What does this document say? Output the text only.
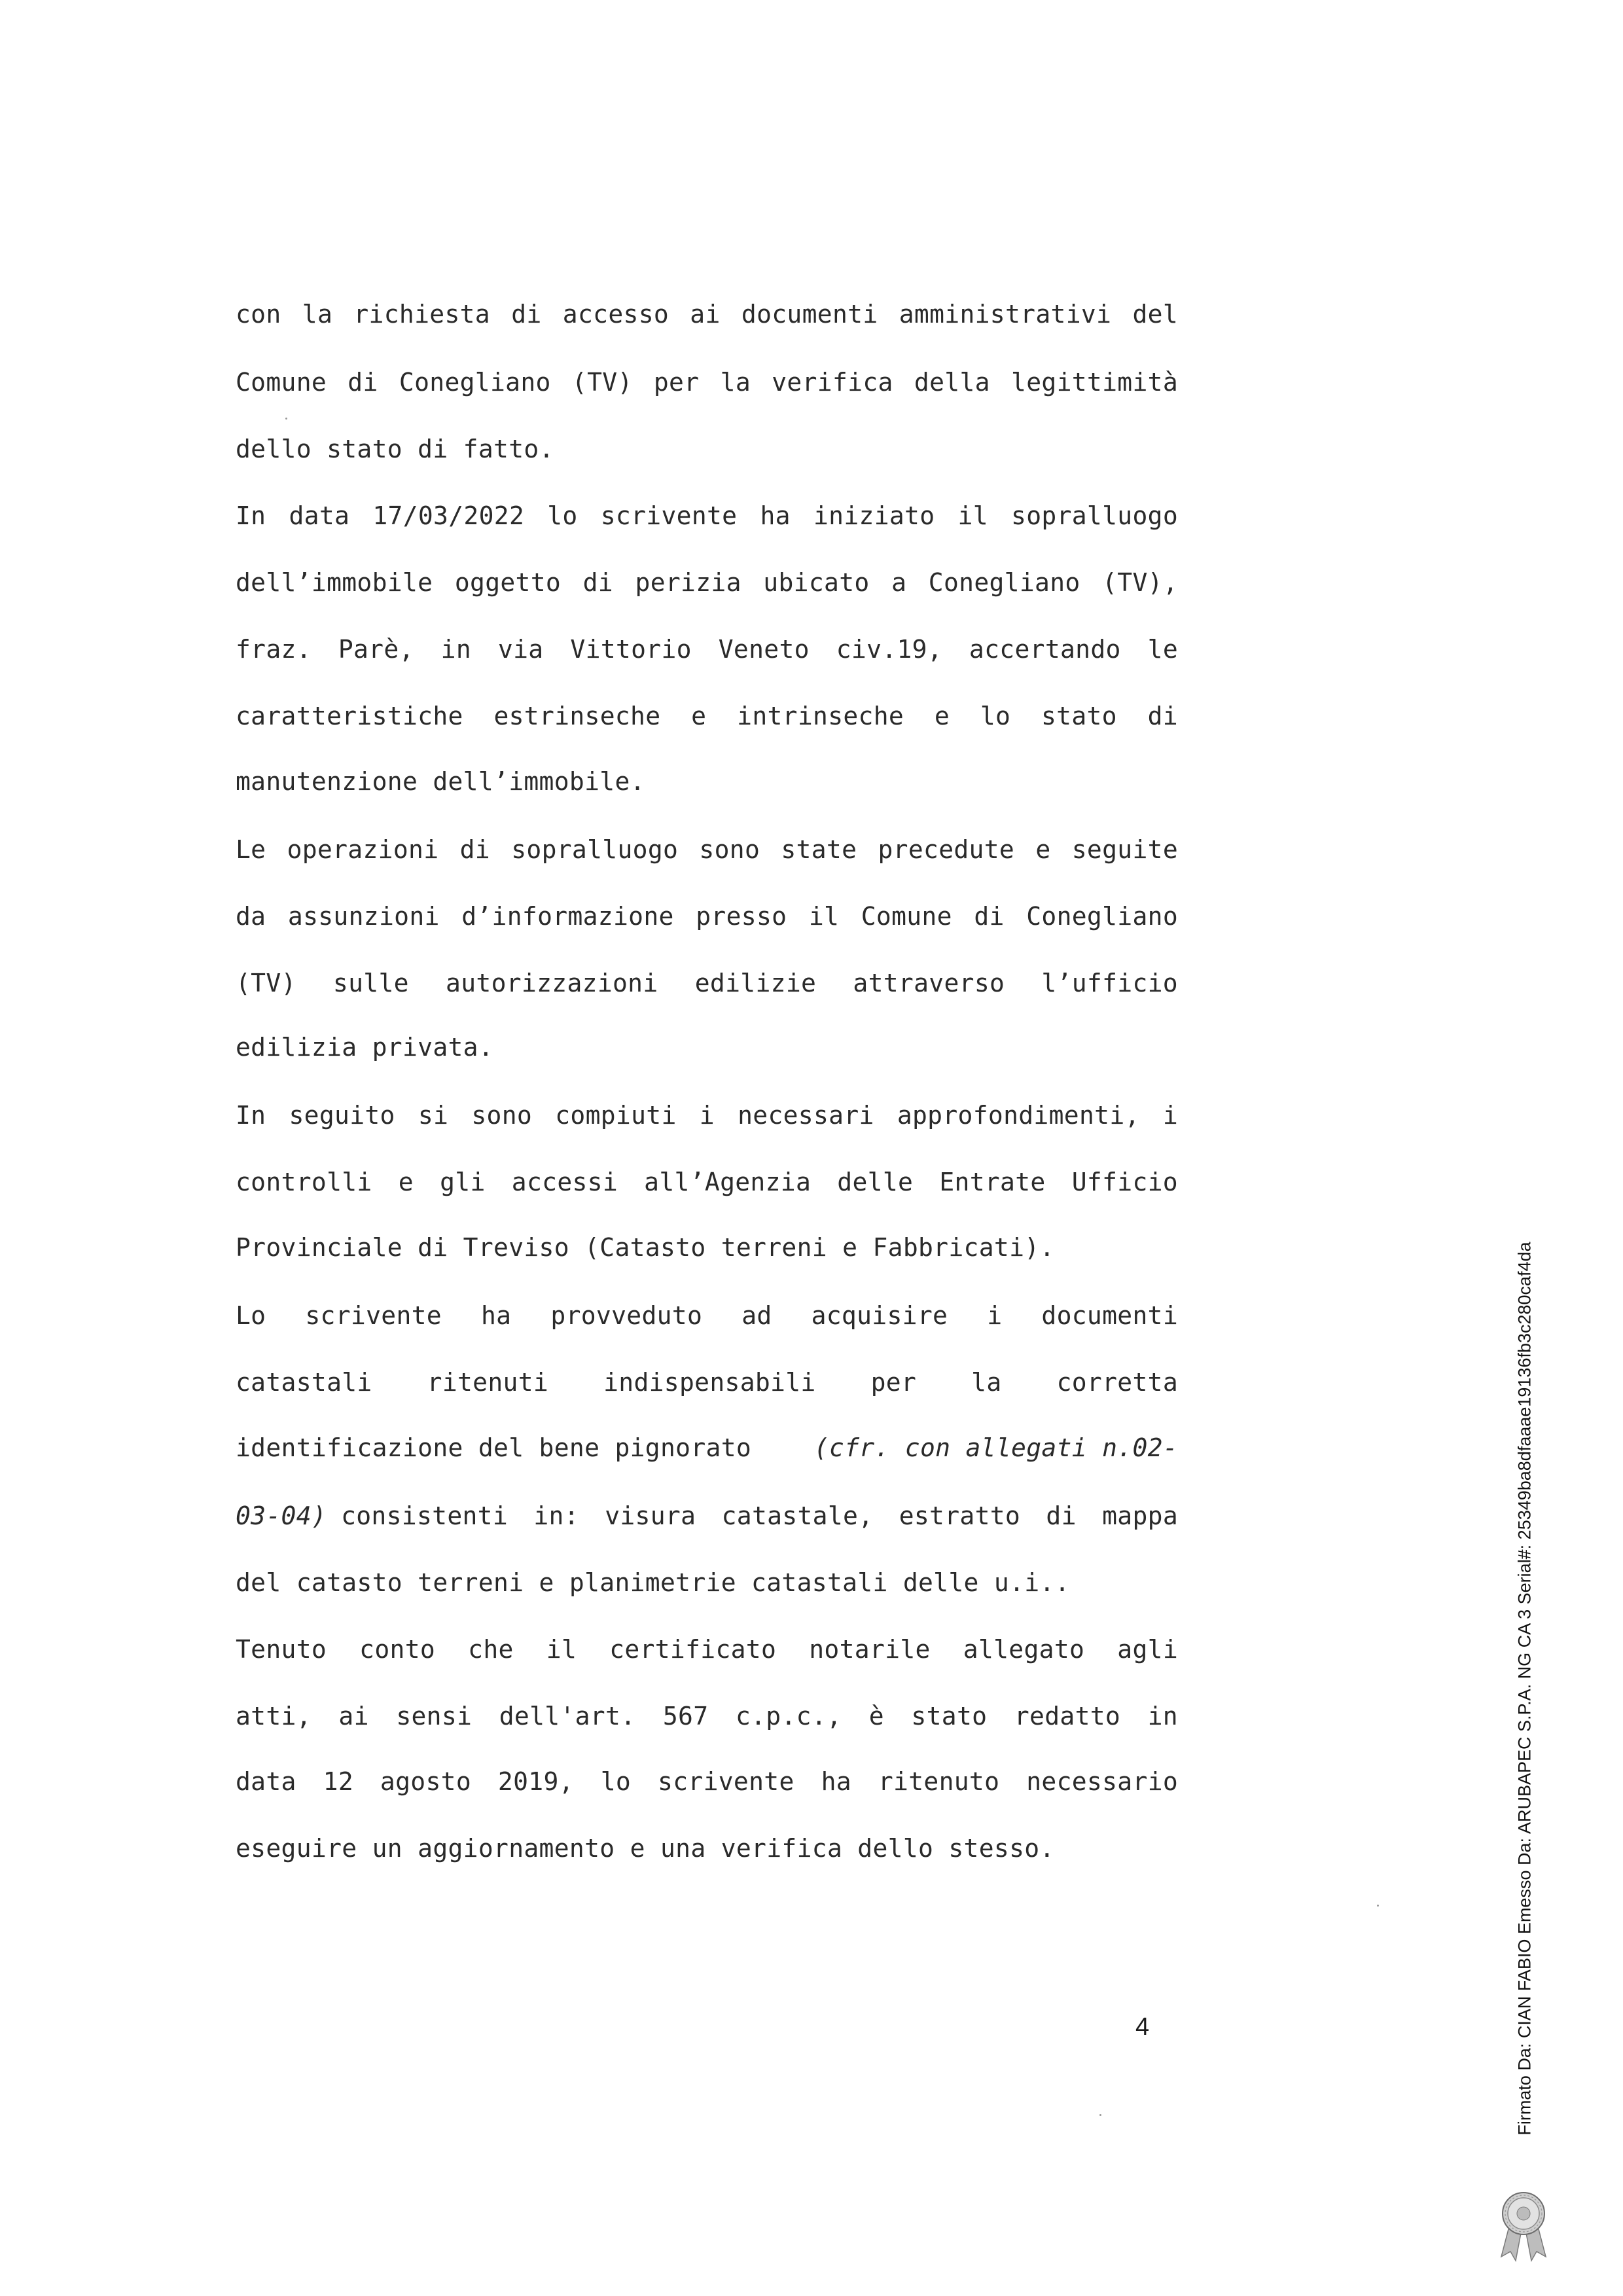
con la richiesta di accesso ai documenti amministrativi del
Comune di Conegliano (TV) per la verifica della legittimità
dello stato di fatto.
In data 17/03/2022 lo scrivente ha iniziato il sopralluogo
dell’immobile oggetto di perizia ubicato a Conegliano (TV),
fraz. Parè, in via Vittorio Veneto civ.19, accertando le
caratteristiche estrinseche e intrinseche e lo stato di
manutenzione dell’immobile.
Le operazioni di sopralluogo sono state precedute e seguite
da assunzioni d’informazione presso il Comune di Conegliano
(TV) sulle autorizzazioni edilizie attraverso l’ufficio
edilizia privata.
In seguito si sono compiuti i necessari approfondimenti, i
controlli e gli accessi all’Agenzia delle Entrate Ufficio
Provinciale di Treviso (Catasto terreni e Fabbricati).
Lo scrivente ha provveduto ad acquisire i documenti
catastali ritenuti indispensabili per la corretta
identificazione del bene pignorato	(cfr. con allegati n.02-
03-04) consistenti in: visura catastale, estratto di mappa
del catasto terreni e planimetrie catastali delle u.i..
Tenuto conto che il certificato notarile allegato agli
atti, ai sensi dell'art. 567 c.p.c., è stato redatto in
data 12 agosto 2019, lo scrivente ha ritenuto necessario
eseguire un aggiornamento e una verifica dello stesso.
4	Firmato Da: CIAN FABIO Emesso Da: ARUBAPEC S.P.A. NG CA 3 Serial#: 25349ba8dfaaae19136fb3c280caf4da
